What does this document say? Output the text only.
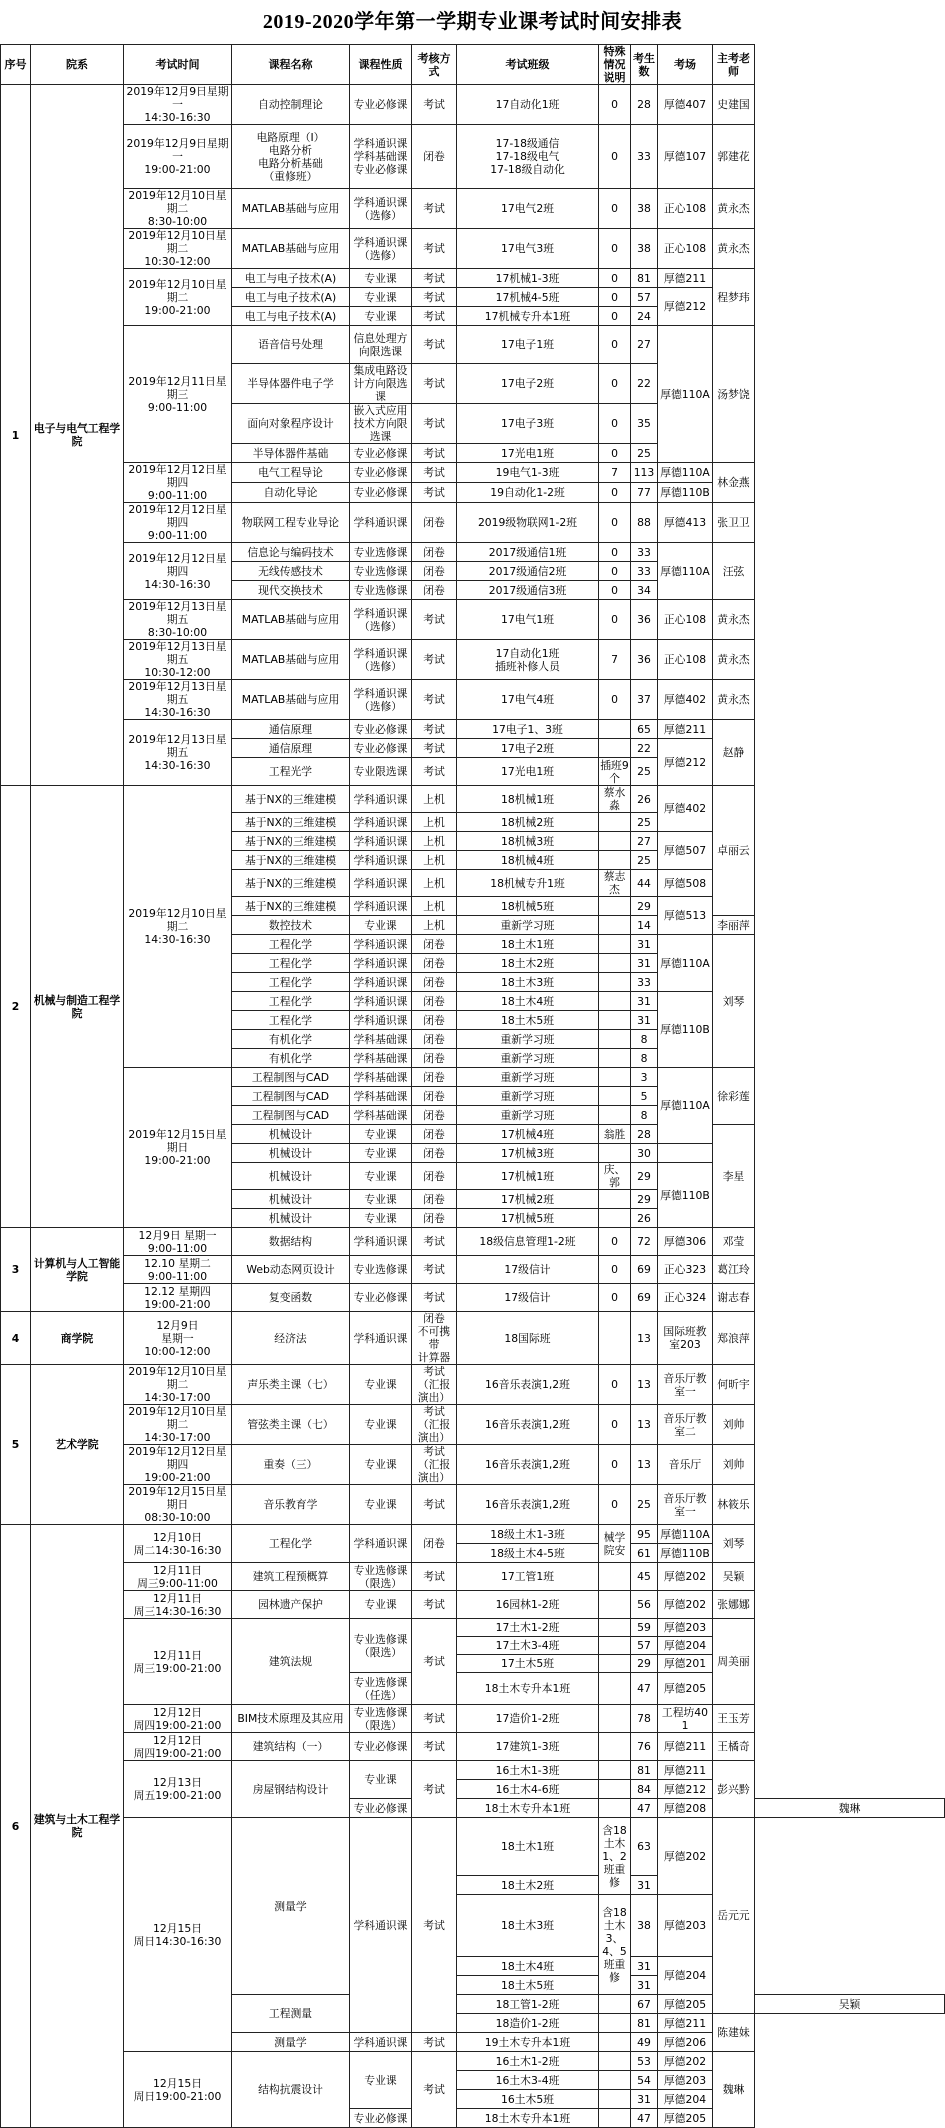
2019-2020学年第一学期专业课考试时间安排表
序号	院系	考试时间	课程名称	课程性质	考核方式	考试班级	特殊情况说明	考生数	考场	主考老师	
1	电子与电气工程学院	2019年12月9日星期一
14:30-16:30	自动控制理论	专业必修课	考试	17自动化1班	0	28	厚德407	史建国	
		2019年12月9日星期一
19:00-21:00	电路原理（I）
电路分析
电路分析基础
（重修班）	学科通识课
学科基础课
专业必修课	闭卷	17-18级通信
17-18级电气
17-18级自动化	0	33	厚德107	郭建花	
		2019年12月10日星期二
8:30-10:00	MATLAB基础与应用	学科通识课
（选修）	考试	17电气2班	0	38	正心108	黄永杰	
		2019年12月10日星期二
10:30-12:00	MATLAB基础与应用	学科通识课
（选修）	考试	17电气3班	0	38	正心108	黄永杰	
		2019年12月10日星期二
19:00-21:00	电工与电子技术(A)	专业课	考试	17机械1-3班	0	81	厚德211	程梦玮	
			电工与电子技术(A)	专业课	考试	17机械4-5班	0	57	厚德212		
			电工与电子技术(A)	专业课	考试	17机械专升本1班	0	24			
		2019年12月11日星期三
9:00-11:00	语音信号处理	信息处理方向限选课	考试	17电子1班	0	27	厚德110A	汤梦饶	
			半导体器件电子学	集成电路设计方向限选课	考试	17电子2班	0	22			
			面向对象程序设计	嵌入式应用技术方向限选课	考试	17电子3班	0	35			
			半导体器件基础	专业必修课	考试	17光电1班	0	25			
		2019年12月12日星期四
9:00-11:00	电气工程导论	专业必修课	考试	19电气1-3班	7	113	厚德110A	林金燕	
			自动化导论	专业必修课	考试	19自动化1-2班	0	77	厚德110B		
		2019年12月12日星期四
9:00-11:00	物联网工程专业导论	学科通识课	闭卷	2019级物联网1-2班	0	88	厚德413	张卫卫	
		2019年12月12日星期四
14:30-16:30	信息论与编码技术	专业选修课	闭卷	2017级通信1班	0	33	厚德110A	汪弦	
			无线传感技术	专业选修课	闭卷	2017级通信2班	0	33			
			现代交换技术	专业选修课	闭卷	2017级通信3班	0	34			
		2019年12月13日星期五
8:30-10:00	MATLAB基础与应用	学科通识课
（选修）	考试	17电气1班	0	36	正心108	黄永杰	
		2019年12月13日星期五
10:30-12:00	MATLAB基础与应用	学科通识课
（选修）	考试	17自动化1班
插班补修人员	7	36	正心108	黄永杰	
		2019年12月13日星期五
14:30-16:30	MATLAB基础与应用	学科通识课
（选修）	考试	17电气4班	0	37	厚德402	黄永杰	
		2019年12月13日星期五
14:30-16:30	通信原理	专业必修课	考试	17电子1、3班		65	厚德211	赵静	
			通信原理	专业必修课	考试	17电子2班		22	厚德212		
			工程光学	专业限选课	考试	17光电1班	插班9个	25			
2	机械与制造工程学院	2019年12月10日星期二
14:30-16:30	基于NX的三维建模	学科通识课	上机	18机械1班	蔡水淼	26	厚德402	卓丽云	
			基于NX的三维建模	学科通识课	上机	18机械2班		25			
			基于NX的三维建模	学科通识课	上机	18机械3班		27	厚德507		
			基于NX的三维建模	学科通识课	上机	18机械4班		25			
			基于NX的三维建模	学科通识课	上机	18机械专升1班	蔡志杰	44	厚德508		
			基于NX的三维建模	学科通识课	上机	18机械5班		29	厚德513		
			数控技术	专业课	上机	重新学习班		14		李丽萍	
			工程化学	学科通识课	闭卷	18土木1班		31	厚德110A	刘琴	
			工程化学	学科通识课	闭卷	18土木2班		31			
			工程化学	学科通识课	闭卷	18土木3班		33			
			工程化学	学科通识课	闭卷	18土木4班		31	厚德110B		
			工程化学	学科通识课	闭卷	18土木5班		31			
			有机化学	学科基础课	闭卷	重新学习班		8			
			有机化学	学科基础课	闭卷	重新学习班		8			
		2019年12月15日星期日
19:00-21:00	工程制图与CAD	学科基础课	闭卷	重新学习班		3	厚德110A	徐彩莲	
			工程制图与CAD	学科基础课	闭卷	重新学习班		5			
			工程制图与CAD	学科基础课	闭卷	重新学习班		8			
			机械设计	专业课	闭卷	17机械4班	翁胜	28		李星	
			机械设计	专业课	闭卷	17机械3班		30			
			机械设计	专业课	闭卷	17机械1班	庆、郭	29	厚德110B		
			机械设计	专业课	闭卷	17机械2班		29			
			机械设计	专业课	闭卷	17机械5班		26			
3	计算机与人工智能学院	12月9日 星期一
9:00-11:00	数据结构	学科通识课	考试	18级信息管理1-2班	0	72	厚德306	邓莹	
		12.10 星期二
9:00-11:00	Web动态网页设计	专业选修课	考试	17级信计	0	69	正心323	葛江玲	
		12.12 星期四
19:00-21:00	复变函数	专业必修课	考试	17级信计	0	69	正心324	谢志春	
4	商学院	12月9日
星期一
10:00-12:00	经济法	学科通识课	闭卷
不可携带
计算器	18国际班		13	国际班教室203	郑浪萍	
5	艺术学院	2019年12月10日星期二
14:30-17:00	声乐类主课（七）	专业课	考试（汇报演出）	16音乐表演1,2班	0	13	音乐厅教室一	何昕宇	
		2019年12月10日星期二
14:30-17:00	管弦类主课（七）	专业课	考试（汇报演出）	16音乐表演1,2班	0	13	音乐厅教室二	刘帅	
		2019年12月12日星期四
19:00-21:00	重奏（三）	专业课	考试（汇报演出）	16音乐表演1,2班	0	13	音乐厅	刘帅	
		2019年12月15日星期日
08:30-10:00	音乐教育学	专业课	考试	16音乐表演1,2班	0	25	音乐厅教室一	林筱乐	
6	建筑与土木工程学院	12月10日
周二14:30-16:30	工程化学	学科通识课	闭卷	18级土木1-3班	械学院安	95	厚德110A	刘琴	
						18级土木4-5班		61	厚德110B		
		12月11日
周三9:00-11:00	建筑工程预概算	专业选修课
（限选）	考试	17工管1班		45	厚德202	吴颖	
		12月11日
周三14:30-16:30	园林遗产保护	专业课	考试	16园林1-2班		56	厚德202	张娜娜	
		12月11日
周三19:00-21:00	建筑法规	专业选修课
（限选）	考试	17土木1-2班		59	厚德203	周美丽	
						17土木3-4班		57	厚德204		
						17土木5班		29	厚德201		
				专业选修课
（任选）		18土木专升本1班		47	厚德205		

		12月12日
周四19:00-21:00	BIM技术原理及其应用	专业选修课
（限选）	考试	17造价1-2班		78	工程坊401	王玉芳	
		12月12日
周四19:00-21:00	建筑结构（一）	专业必修课	考试	17建筑1-3班		76	厚德211	王橘奇	
		12月13日
周五19:00-21:00	房屋钢结构设计	专业课	考试	16土木1-3班		81	厚德211	彭兴黔	
						16土木4-6班		84	厚德212		
				专业必修课		18土木专升本1班		47	厚德208		魏琳
		12月15日
周日14:30-16:30	测量学	学科通识课	考试	18土木1班	含18土木1、2班重修	63	厚德202	岳元元	
						18土木2班		31			
						18土木3班	含18土木3、4、5班重修	38	厚德203		
						18土木4班		31	厚德204		
						18土木5班		31			
			工程测量			18工管1-2班		67	厚德205		吴颖
						18造价1-2班		81	厚德211	陈建妹	
			测量学	学科通识课	考试	19土木专升本1班		49	厚德206		
		12月15日
周日19:00-21:00	结构抗震设计	专业课	考试	16土木1-2班		53	厚德202	魏琳	
						16土木3-4班		54	厚德203		
						16土木5班		31	厚德204		
				专业必修课		18土木专升本1班		47	厚德205		
